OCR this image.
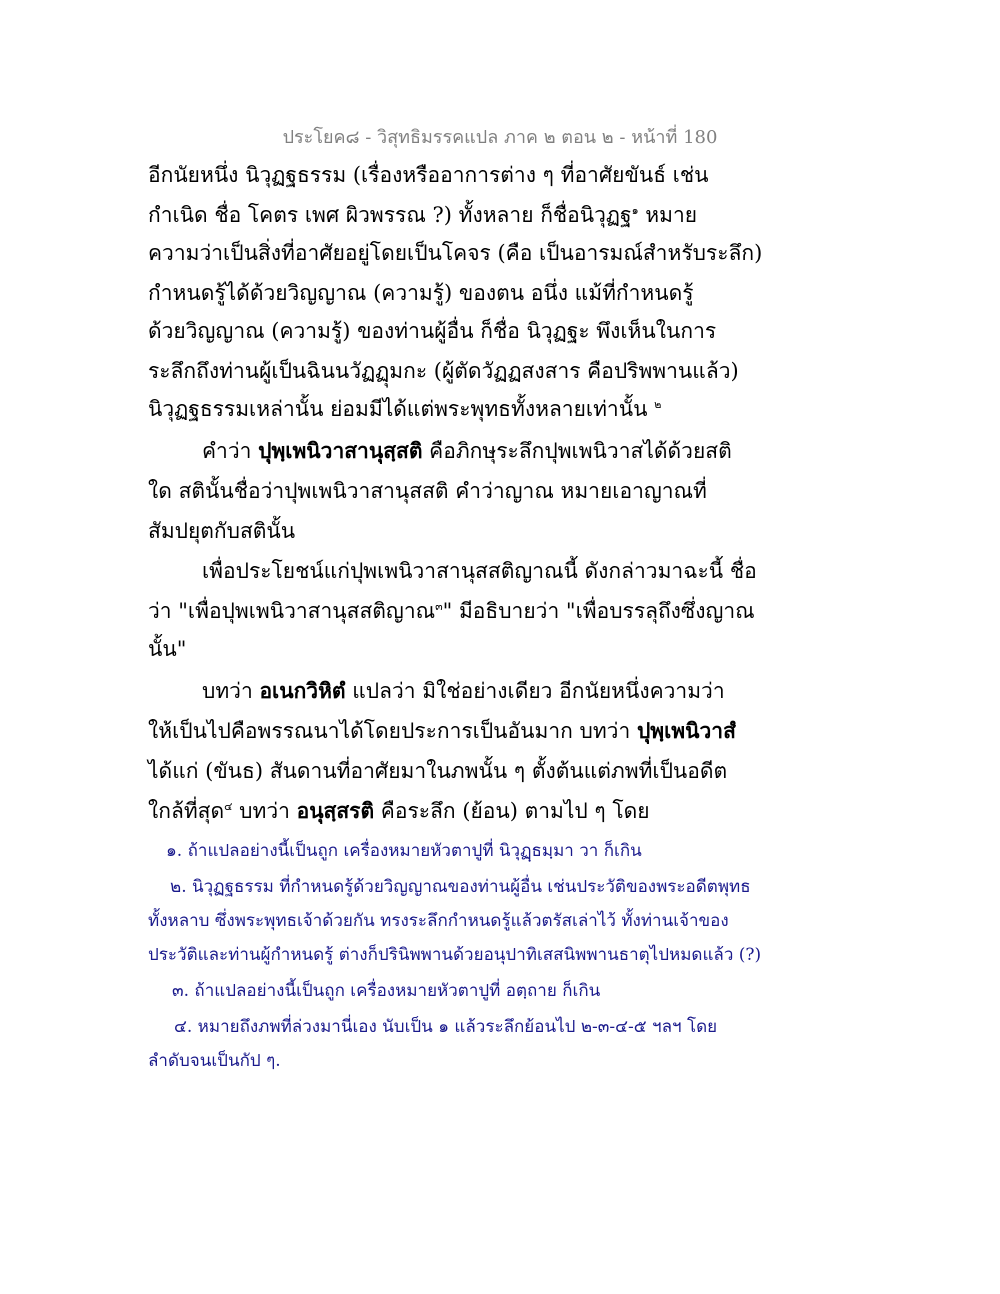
ประโยค๘ - วิสุทธิมรรคแปล ภาค ๒ ตอน ๒ - หน้าที่ 180
อีกนัยหนึ่ง นิวุฏฐธรรม (เรื่องหรืออาการต่าง ๆ ที่อาศัยขันธ์ เช่น
กำเนิด ชื่อ โคตร เพศ ผิวพรรณ ?) ทั้งหลาย ก็ชื่อนิวุฏฐ$^๑$ หมาย
ความว่าเป็นสิ่งที่อาศัยอยู่โดยเป็นโคจร (คือ เป็นอารมณ์สำหรับระลึก)
กำหนดรู้ได้ด้วยวิญญาณ (ความรู้) ของตน อนึ่ง แม้ที่กำหนดรู้
ด้วยวิญญาณ (ความรู้) ของท่านผู้อื่น ก็ชื่อ นิวุฏฐะ พึงเห็นในการ
ระลึกถึงท่านผู้เป็นฉินนวัฏฏุมกะ (ผู้ตัดวัฏฏสงสาร คือปริพพานแล้ว)
นิวุฏฐธรรมเหล่านั้น ย่อมมีได้แต่พระพุทธทั้งหลายเท่านั้น $^๒$
คำว่า ปุพฺเพนิวาสานุสฺสติ คือภิกษุระลึกปุพเพนิวาสได้ด้วยสติ
ใด สตินั้นชื่อว่าปุพเพนิวาสานุสสติ คำว่าญาณ หมายเอาญาณที่
สัมปยุตกับสตินั้น
เพื่อประโยชน์แก่ปุพเพนิวาสานุสสติญาณนี้ ดังกล่าวมาฉะนี้ ชื่อ
ว่า "เพื่อปุพเพนิวาสานุสสติญาณ$^๓$" มีอธิบายว่า "เพื่อบรรลุถึงซึ่งญาณ
นั้น"
บทว่า อเนกวิหิตํ แปลว่า มิใช่อย่างเดียว อีกนัยหนึ่งความว่า
ให้เป็นไปคือพรรณนาได้โดยประการเป็นอันมาก บทว่า ปุพฺเพนิวาสํ
ได้แก่ (ขันธ) สันดานที่อาศัยมาในภพนั้น ๆ ตั้งต้นแต่ภพที่เป็นอดีต
ใกล้ที่สุด$^๔$ บทว่า อนุสฺสรติ คือระลึก (ย้อน) ตามไป ๆ โดย
๑. ถ้าแปลอย่างนี้เป็นถูก เครื่องหมายหัวตาปูที่ นิวุฏฺธมฺมา วา ก็เกิน
๒. นิวุฏฐธรรม ที่กำหนดรู้ด้วยวิญญาณของท่านผู้อื่น เช่นประวัติของพระอดีตพุทธ
ทั้งหลาบ ซึ่งพระพุทธเจ้าด้วยกัน ทรงระลึกกำหนดรู้แล้วตรัสเล่าไว้ ทั้งท่านเจ้าของ
ประวัติและท่านผู้กำหนดรู้ ต่างก็ปรินิพพานด้วยอนุปาทิเสสนิพพานธาตุไปหมดแล้ว (?)
๓. ถ้าแปลอย่างนี้เป็นถูก เครื่องหมายหัวตาปูที่ อตฺถาย ก็เกิน
๔. หมายถึงภพที่ล่วงมานี่เอง นับเป็น ๑ แล้วระลึกย้อนไป ๒-๓-๔-๕ ฯลฯ โดย
ลำดับจนเป็นกัป ๆ.
